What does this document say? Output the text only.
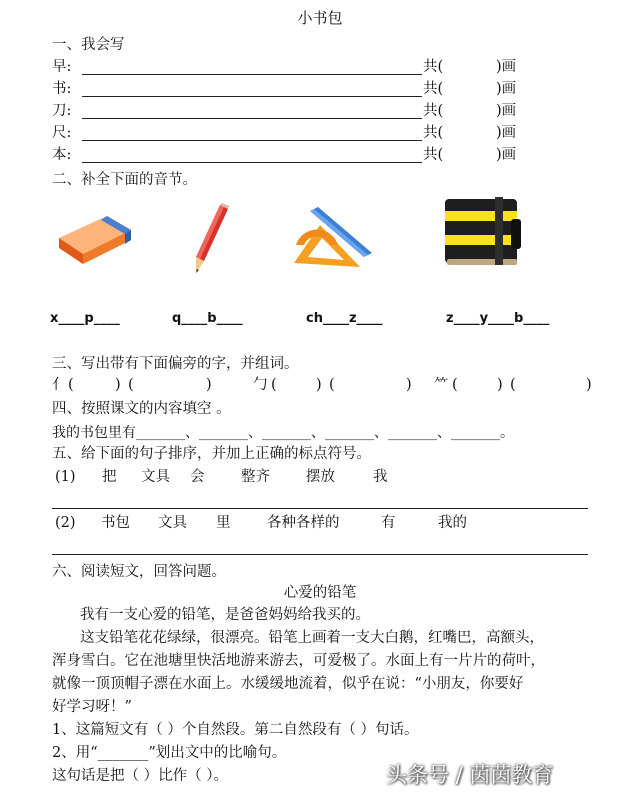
小书包
一、我会写
早:	共(	)画
书:	共(	)画
刀:	共(	)画
尺:	共(	)画
本:	共(	)画
二、补全下面的音节。
x____p____	q____b____	ch____z____	z____y____b____
三、写出带有下面偏旁的字，并组词。
亻 (	) (	)	勹 (	) (	) ⺮ (	) (	)
四、按照课文的内容填空 。
我的书包里有_______、_______、_______、_______、_______、_______。
五、给下面的句子排序，并加上正确的标点符号。
(1) 把 文具 会	整齐 摆放	我
(2) 书包 文具 里	各种各样的	有	我的
六、阅读短文，回答问题。
心爱的铅笔
我有一支心爱的铅笔，是爸爸妈妈给我买的。
这支铅笔花花绿绿，很漂亮。铅笔上画着一支大白鹅，红嘴巴，高额头，
浑身雪白。它在池塘里快活地游来游去，可爱极了。水面上有一片片的荷叶，
就像一顶顶帽子漂在水面上。水缓缓地流着，似乎在说：“小朋友，你要好
好学习呀！”
1、这篇短文有（ ）个自然段。第二自然段有（ ）句话。
2、用“_______”划出文中的比喻句。
这句话是把（ ）比作（ ）。	头条号 / 茵茵教育
